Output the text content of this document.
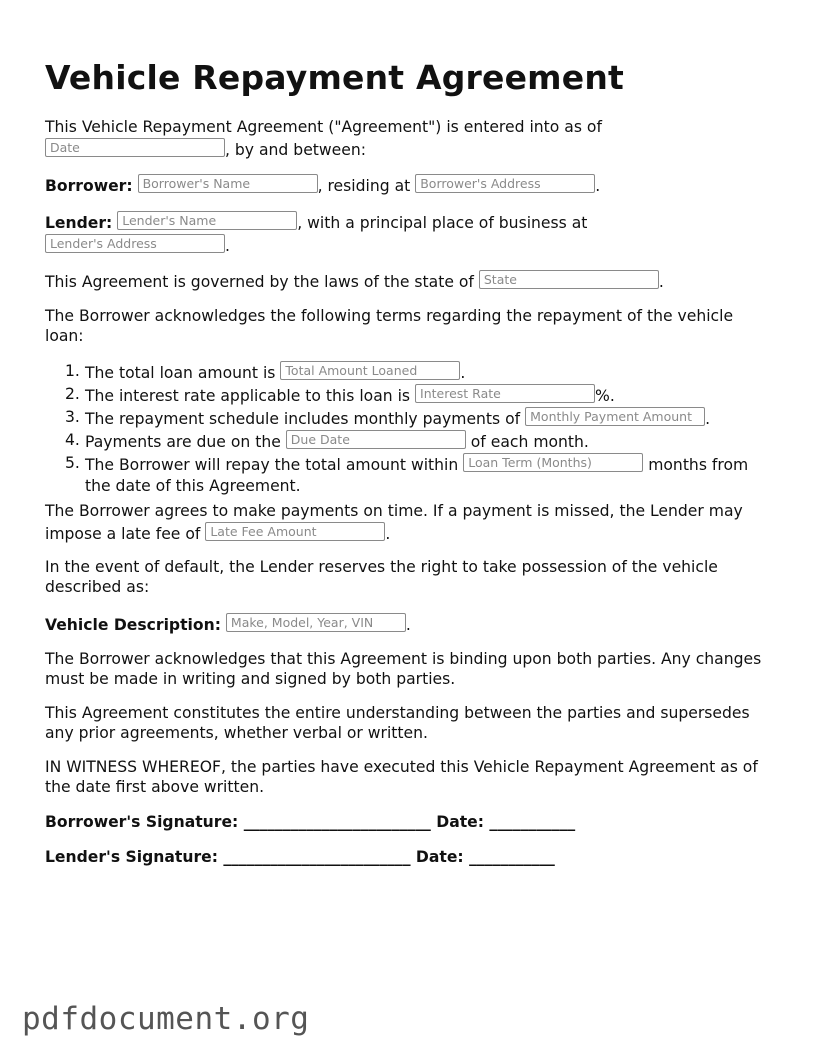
Vehicle Repayment Agreement

This Vehicle Repayment Agreement ("Agreement") is entered into as of
Date	, by and between:

Borrower: Borrower's Name	, residing at Borrower's Address	.

Lender: Lender's Name	, with a principal place of business at
Lender's Address	.

This Agreement is governed by the laws of the state of State	.

The Borrower acknowledges the following terms regarding the repayment of the vehicle loan:

1. The total loan amount is Total Amount Loaned	.
2. The interest rate applicable to this loan is Interest Rate	%.
3. The repayment schedule includes monthly payments of Monthly Payment Amount .
4. Payments are due on the Due Date	of each month.
5. The Borrower will repay the total amount within Loan Term (Months)	months from the date of this Agreement.

The Borrower agrees to make payments on time. If a payment is missed, the Lender may impose a late fee of Late Fee Amount	.

In the event of default, the Lender reserves the right to take possession of the vehicle described as:

Vehicle Description: Make, Model, Year, VIN .

The Borrower acknowledges that this Agreement is binding upon both parties. Any changes must be made in writing and signed by both parties.

This Agreement constitutes the entire understanding between the parties and supersedes any prior agreements, whether verbal or written.

IN WITNESS WHEREOF, the parties have executed this Vehicle Repayment Agreement as of the date first above written.

Borrower's Signature: ________________________ Date: ___________

Lender's Signature: ________________________ Date: ___________

pdfdocument.org
